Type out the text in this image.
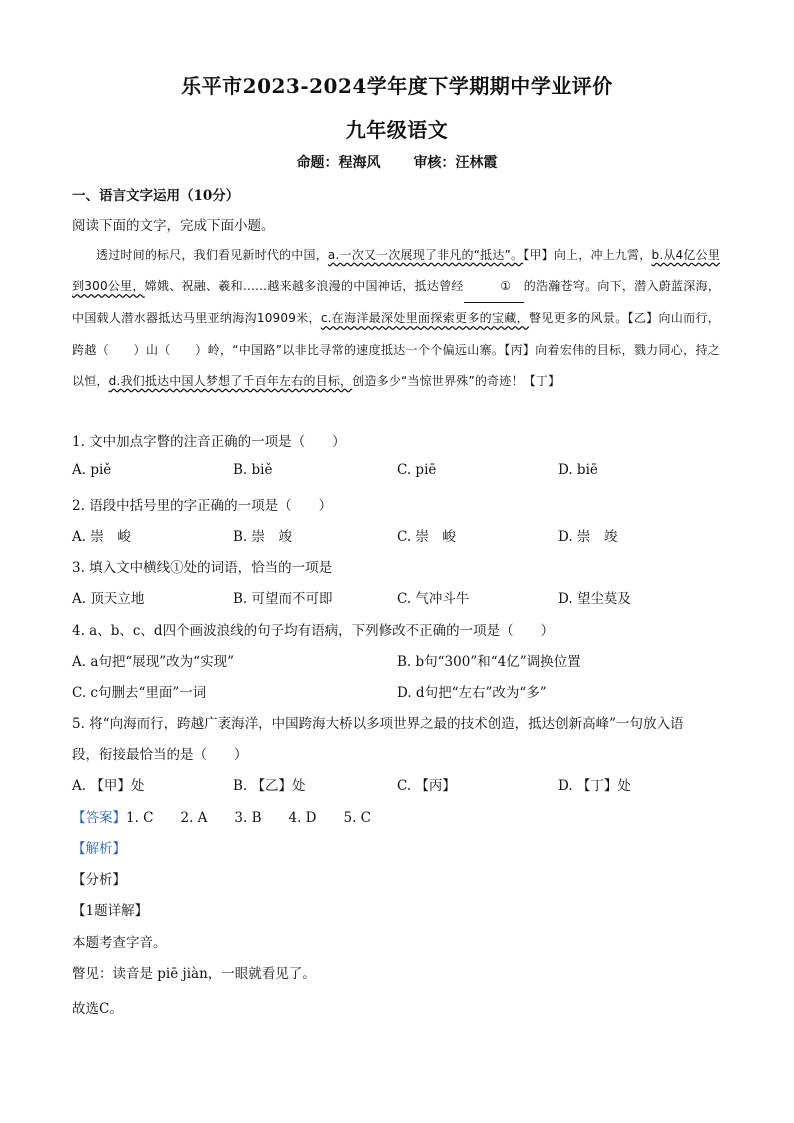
乐平市2023-2024学年度下学期期中学业评价
九年级语文
命题：程海风 审核：汪林霞
一、语言文字运用（10分）
阅读下面的文字，完成下面小题。
透过时间的标尺，我们看见新时代的中国，a.一次又一次展现了非凡的“抵达”。【甲】向上，冲上九霄，b.从4亿公里到300公里，嫦娥、祝融、羲和……越来越多浪漫的中国神话，抵达曾经	① 的浩瀚苍穹。向下，潜入蔚蓝深海，中国载人潜水器抵达马里亚纳海沟10909米，c.在海洋最深处里面探索更多的宝藏，瞥见更多的风景。【乙】向山而行，跨越（　　）山（　　）岭，“中国路”以非比寻常的速度抵达一个个偏远山寨。【丙】向着宏伟的目标，戮力同心，持之以恒，d.我们抵达中国人梦想了千百年左右的目标，创造多少“当惊世界殊”的奇迹！【丁】
1. 文中加点字瞥的注音正确的一项是（　　）
A. piě	B. biě	C. piē	D. biē
2. 语段中括号里的字正确的一项是（　　）
A. 崇　峻	B. 崇　竣	C. 崇　峻	D. 崇　竣
3. 填入文中横线①处的词语，恰当的一项是
A. 顶天立地	B. 可望而不可即	C. 气冲斗牛	D. 望尘莫及
4. a、b、c、d四个画波浪线的句子均有语病，下列修改不正确的一项是（　　）
A. a句把“展现”改为“实现”	B. b句“300”和“4亿”调换位置
C. c句删去“里面”一词	D. d句把“左右”改为“多”
5. 将“向海而行，跨越广袤海洋，中国跨海大桥以多项世界之最的技术创造，抵达创新高峰”一句放入语
段，衔接最恰当的是（　　）
A. 【甲】处	B. 【乙】处	C. 【丙】	D. 【丁】处
【答案】1. C　　2. A　　3. B　　4. D　　5. C
【解析】
【分析】
【1题详解】
本题考查字音。
瞥见：读音是 piē jiàn，一眼就看见了。
故选C。
